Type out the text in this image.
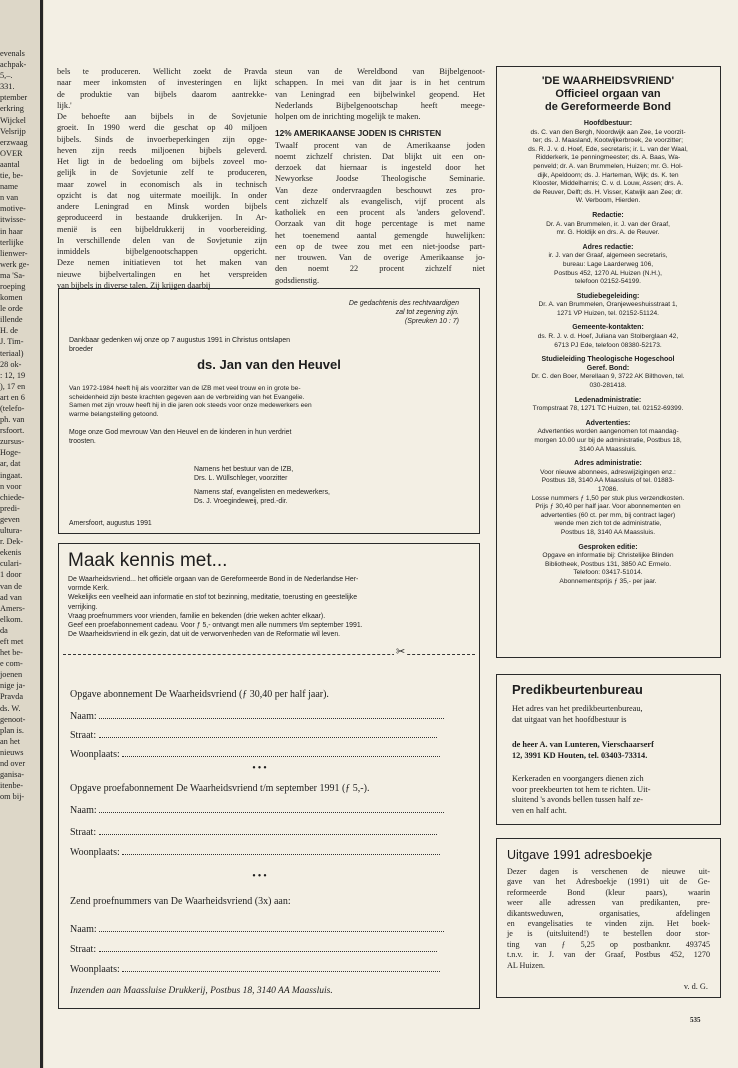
evenals
achpak-
5,–.
331.
ptember
erkring
Wijckel
Velsrijp
erzwaag
OVER
aantal
tie, be-
name
n van
motive-
itwisse-
in haar
terlijke
lienwer-
werk ge-
ma 'Sa-
roeping
komen
le orde
illende
H. de
J. Tim-
teriaal)
28 ok-
: 12, 19
), 17 en
art en 6
(telefo-
ph. van
rsfoort.
zursus-
Hoge-
ar, dat
ingaat.
n voor
chiede-
predi-
geven
ultura-
r. Dek-
ekenis
culari-
1 door
van de
ad van
Amers-
elkom.
da
eft met
het be-
e com-
joenen
nige ja-
Pravda
ds. W.
genoot-
plan is.
an het
nieuws
nd over
ganisa-
itenbe-
om bij-
bels te produceren. Wellicht zoekt de Pravda
naar meer inkomsten of investeringen en lijkt
de produktie van bijbels daarom aantrekke-
lijk.'
De behoefte aan bijbels in de Sovjetunie
groeit. In 1990 werd die geschat op 40 miljoen
bijbels. Sinds de invoerbeperkingen zijn opge-
heven zijn reeds miljoenen bijbels geleverd.
Het ligt in de bedoeling om bijbels zoveel mo-
gelijk in de Sovjetunie zelf te produceren,
maar zowel in economisch als in technisch
opzicht is dat nog uitermate moeilijk. In onder
andere Leningrad en Minsk worden bijbels
geproduceerd in bestaande drukkerijen. In Ar-
menië is een bijbeldrukkerij in voorbereiding.
In verschillende delen van de Sovjetunie zijn
inmiddels bijbelgenootschappen opgericht.
Deze nemen initiatieven tot het maken van
nieuwe bijbelvertalingen en het verspreiden
van bijbels in diverse talen. Zij krijgen daarbij
steun van de Wereldbond van Bijbelgenoot-
schappen. In mei van dit jaar is in het centrum
van Leningrad een bijbelwinkel geopend. Het
Nederlands Bijbelgenootschap heeft meege-
holpen om de inrichting mogelijk te maken.
12% AMERIKAANSE JODEN IS CHRISTEN
Twaalf procent van de Amerikaanse joden
noemt zichzelf christen. Dat blijkt uit een on-
derzoek dat hiernaar is ingesteld door het
Newyorkse Joodse Theologische Seminarie.
Van deze ondervraagden beschouwt zes pro-
cent zichzelf als evangelisch, vijf procent als
katholiek en een procent als 'anders gelovend'.
Oorzaak van dit hoge percentage is met name
het toenemend aantal gemengde huwelijken:
een op de twee zou met een niet-joodse part-
ner trouwen. Van de overige Amerikaanse jo-
den noemt 22 procent zichzelf niet
godsdienstig.
De gedachtenis des rechtvaardigen
zal tot zegening zijn.
(Spreuken 10 : 7)
Dankbaar gedenken wij onze op 7 augustus 1991 in Christus ontslapen
broeder
ds. Jan van den Heuvel
Van 1972-1984 heeft hij als voorzitter van de IZB met veel trouw en in grote be-
scheidenheid zijn beste krachten gegeven aan de verbreiding van het Evangelie.
Samen met zijn vrouw heeft hij in die jaren ook steeds voor onze medewerkers een
warme belangstelling getoond.
Moge onze God mevrouw Van den Heuvel en de kinderen in hun verdriet
troosten.
Namens het bestuur van de IZB,
Drs. L. Wüllschleger, voorzitter
Namens staf, evangelisten en medewerkers,
Ds. J. Vroegindeweij, pred.-dir.
Amersfoort, augustus 1991
Maak kennis met...
De Waarheidsvriend... het officiële orgaan van de Gereformeerde Bond in de Nederlandse Her-
vormde Kerk.
Wekelijks een veelheid aan informatie en stof tot bezinning, meditatie, toerusting en geestelijke
verrijking.
Vraag proefnummers voor vrienden, familie en bekenden (drie weken achter elkaar).
Geef een proefabonnement cadeau. Voor ƒ 5,- ontvangt men alle nummers t/m september 1991.
De Waarheidsvriend in elk gezin, dat uit de verworvenheden van de Reformatie wil leven.
✂
Opgave abonnement De Waarheidsvriend (ƒ 30,40 per half jaar).
Naam:
Straat:
Woonplaats:
•••
Opgave proefabonnement De Waarheidsvriend t/m september 1991 (ƒ 5,-).
Naam:
Straat:
Woonplaats:
•••
Zend proefnummers van De Waarheidsvriend (3x) aan:
Naam:
Straat:
Woonplaats:
Inzenden aan Maassluise Drukkerij, Postbus 18, 3140 AA Maassluis.
'DE WAARHEIDSVRIEND'
Officieel orgaan van
de Gereformeerde Bond
Hoofdbestuur:
ds. C. van den Bergh, Noordwijk aan Zee, 1e voorzit-
ter; ds. J. Maasland, Kootwijkerbroek, 2e voorzitter;
ds. R. J. v. d. Hoef, Ede, secretaris; ir. L. van der Waal,
Ridderkerk, 1e penningmeester; ds. A. Baas, Wa-
penveld; dr. A. van Brummelen, Huizen; mr. G. Hol-
dijk, Apeldoorn; ds. J. Harteman, Wijk; ds. K. ten
Klooster, Middelharnis; C. v. d. Louw, Assen; drs. A.
de Reuver, Delft; ds. H. Visser, Katwijk aan Zee; dr.
W. Verboom, Hierden.
Redactie:
Dr. A. van Brummelen, ir. J. van der Graaf,
mr. G. Holdijk en drs. A. de Reuver.
Adres redactie:
ir. J. van der Graaf, algemeen secretaris,
bureau: Lage Laarderweg 106,
Postbus 452, 1270 AL Huizen (N.H.),
telefoon 02152-54199.
Studiebegeleiding:
Dr. A. van Brummelen, Oranjeweeshuisstraat 1,
1271 VP Huizen, tel. 02152-51124.
Gemeente-kontakten:
ds. R. J. v. d. Hoef, Juliana van Stolberglaan 42,
6713 PJ Ede, telefoon 08380-52173.
Studieleiding Theologische Hogeschool
Geref. Bond:
Dr. C. den Boer, Merellaan 9, 3722 AK Bilthoven, tel.
030-281418.
Ledenadministratie:
Trompstraat 78, 1271 TC Huizen, tel. 02152-69399.
Advertenties:
Advertenties worden aangenomen tot maandag-
morgen 10.00 uur bij de administratie, Postbus 18,
3140 AA Maassluis.
Adres administratie:
Voor nieuwe abonnees, adreswijzigingen enz.:
Postbus 18, 3140 AA Maassluis of tel. 01883-
17086.
Losse nummers ƒ 1,50 per stuk plus verzendkosten.
Prijs ƒ 30,40 per half jaar. Voor abonnementen en
advertenties (60 ct. per mm, bij contract lager)
wende men zich tot de administratie,
Postbus 18, 3140 AA Maassluis.
Gesproken editie:
Opgave en informatie bij: Christelijke Blinden
Bibliotheek, Postbus 131, 3850 AC Ermelo.
Telefoon: 03417-51014.
Abonnementsprijs ƒ 35,- per jaar.
Predikbeurtenbureau
Het adres van het predikbeurtenbureau,
dat uitgaat van het hoofdbestuur is
de heer A. van Lunteren, Vierschaarserf
12, 3991 KD Houten, tel. 03403-73314.
Kerkeraden en voorgangers dienen zich
voor preekbeurten tot hem te richten. Uit-
sluitend 's avonds bellen tussen half ze-
ven en half acht.
Uitgave 1991 adresboekje
Dezer dagen is verschenen de nieuwe uit-
gave van het Adresboekje (1991) uit de Ge-
reformeerde Bond (kleur paars), waarin
weer alle adressen van predikanten, pre-
dikantsweduwen, organisaties, afdelingen
en evangelisaties te vinden zijn. Het boek-
je is (uitsluitend!) te bestellen door stor-
ting van ƒ 5,25 op postbanknr. 493745
t.n.v. ir. J. van der Graaf, Postbus 452, 1270
AL Huizen.
v. d. G.
535
